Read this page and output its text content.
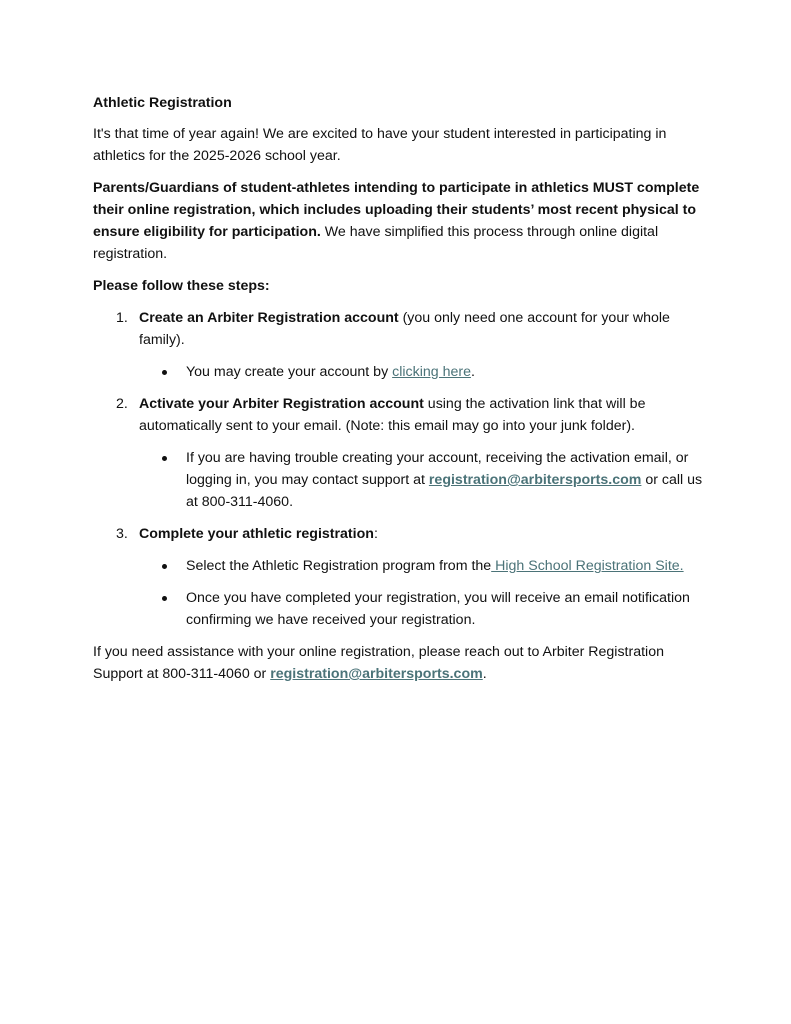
Athletic Registration

It's that time of year again! We are excited to have your student interested in participating in athletics for the 2025-2026 school year.

Parents/Guardians of student-athletes intending to participate in athletics MUST complete their online registration, which includes uploading their students’ most recent physical to ensure eligibility for participation. We have simplified this process through online digital registration.

Please follow these steps:
1. Create an Arbiter Registration account (you only need one account for your whole family).
You may create your account by clicking here.
2. Activate your Arbiter Registration account using the activation link that will be automatically sent to your email. (Note: this email may go into your junk folder).
If you are having trouble creating your account, receiving the activation email, or logging in, you may contact support at registration@arbitersports.com or call us at 800-311-4060.
3. Complete your athletic registration:
Select the Athletic Registration program from the High School Registration Site.
Once you have completed your registration, you will receive an email notification confirming we have received your registration.

If you need assistance with your online registration, please reach out to Arbiter Registration Support at 800-311-4060 or registration@arbitersports.com.
